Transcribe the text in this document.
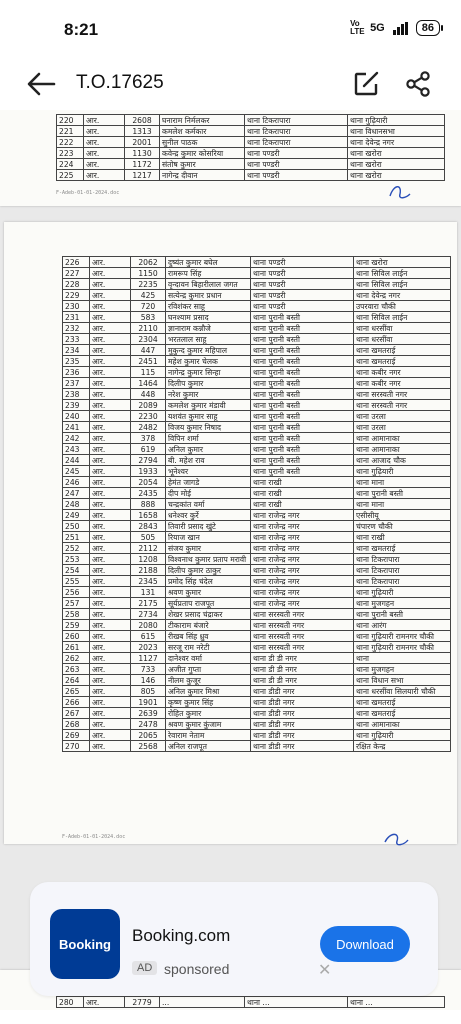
8:21	Vo LTE 5G	86
T.O.17625
220	आर.	2608	घनाराम निर्मलकर	थाना टिकरापारा	थाना गुढ़ियारी
221	आर.	1313	कमलेश कर्मकार	थाना टिकरापारा	थाना विधानसभा
222	आर.	2001	सुनील पाठक	थाना टिकरापारा	थाना देवेन्द्र नगर
223	आर.	1130	कवेन्द्र कुमार कोसरिया	थाना पण्डरी	थाना खरोरा
224	आर.	1172	संतोष कुमार	थाना पण्डरी	थाना खरोरा
225	आर.	1217	नागेन्द्र दीवान	थाना पण्डरी	थाना खरोरा
F-Adeb-01-01-2024.doc
226	आर.	2062	दुष्यंत कुमार बघेल	थाना पण्डरी	थाना खरोरा
227	आर.	1150	रामरूप सिंह	थाना पण्डरी	थाना सिविल लाईन
228	आर.	2235	वृन्दावन बिहारीलाल जगत	थाना पण्डरी	थाना सिविल लाईन
229	आर.	425	सत्येन्द्र कुमार प्रधान	थाना पण्डरी	थाना देवेन्द्र नगर
230	आर.	720	रविशंकर साहू	थाना पण्डरी	उपरवारा चौकी
231	आर.	583	घनश्याम प्रसाद	थाना पुरानी बस्ती	थाना सिविल लाईन
232	आर.	2110	ज्ञानाराम कन्नौजे	थाना पुरानी बस्ती	थाना धरसींवा
233	आर.	2304	भरतलाल साहू	थाना पुरानी बस्ती	थाना धरसींवा
234	आर.	447	मुकुन्द कुमार महिपाल	थाना पुरानी बस्ती	थाना खमतराई
235	आर.	2451	महेश कुमार चेलक	थाना पुरानी बस्ती	थाना खमतराई
236	आर.	115	नागेन्द्र कुमार सिन्हा	थाना पुरानी बस्ती	थाना कबीर नगर
237	आर.	1464	दिलीप कुमार	थाना पुरानी बस्ती	थाना कबीर नगर
238	आर.	448	नरेश कुमार	थाना पुरानी बस्ती	थाना सरस्वती नगर
239	आर.	2089	कमलेश कुमार मंडावी	थाना पुरानी बस्ती	थाना सरस्वती नगर
240	आर.	2230	यशवंत कुमार साहू	थाना पुरानी बस्ती	थाना उरला
241	आर.	2482	विजय कुमार निषाद	थाना पुरानी बस्ती	थाना उरला
242	आर.	378	विपिन शर्मा	थाना पुरानी बस्ती	थाना आमानाका
243	आर.	619	अनिल कुमार	थाना पुरानी बस्ती	थाना आमानाका
244	आर.	2794	बी. महेश राव	थाना पुरानी बस्ती	थाना आजाद चौक
245	आर.	1933	भूनेश्वर	थाना पुरानी बस्ती	थाना गुढ़ियारी
246	आर.	2054	हेमंत जागडे	थाना राखी	थाना माना
247	आर.	2435	दीप मोई	थाना राखी	थाना पुरानी बस्ती
248	आर.	888	चन्द्रकांत वर्मा	थाना राखी	थाना माना
249	आर.	1658	धनेश्वर कुर्रे	थाना राजेन्द्र नगर	एसीसीयू
250	आर.	2843	तिवारी प्रसाद खुंटे	थाना राजेन्द्र नगर	चंपारण चौकी
251	आर.	505	रियाज खान	थाना राजेन्द्र नगर	थाना राखी
252	आर.	2112	संजय कुमार	थाना राजेन्द्र नगर	थाना खमतराई
253	आर.	1208	विश्वनाथ कुमार प्रताप मरावी	थाना राजेन्द्र नगर	थाना टिकरापारा
254	आर.	2188	दिलीप कुमार ठाकुर	थाना राजेन्द्र नगर	थाना टिकरापारा
255	आर.	2345	प्रमोद सिंह चंदेल	थाना राजेन्द्र नगर	थाना टिकरापारा
256	आर.	131	श्रवण कुमार	थाना राजेन्द्र नगर	थाना गुढ़ियारी
257	आर.	2175	सूर्यप्रताप राजपूत	थाना राजेन्द्र नगर	थाना मुजगहन
258	आर.	2734	शेखर प्रसाद चंद्राकर	थाना सरस्वती नगर	थाना पुरानी बस्ती
259	आर.	2080	टीकाराम बंजारे	थाना सरस्वती नगर	थाना आरंग
260	आर.	615	रीखब सिंह ध्रुव	थाना सरस्वती नगर	थाना गुढ़ियारी रामनगर चौकी
261	आर.	2023	सरजू राम नरेटी	थाना सरस्वती नगर	थाना गुढ़ियारी रामनगर चौकी
262	आर.	1127	दानेश्वर वर्मा	थाना डी डी नगर	थाना
263	आर.	733	अजीत गुप्ता	थाना डी डी नगर	थाना मुजगहन
264	आर.	146	नीलम कुजूर	थाना डी डी नगर	थाना विधान सभा
265	आर.	805	अनिल कुमार मिश्रा	थाना डीडी नगर	थाना धरसींवा सिलयारी चौकी
266	आर.	1901	कृष्ण कुमार सिंह	थाना डीडी नगर	थाना खमतराई
267	आर.	2639	रोहित कुमार	थाना डीडी नगर	थाना खमतराई
268	आर.	2478	श्रवण कुमार कुंजाम	थाना डीडी नगर	थाना आमानाका
269	आर.	2065	रेवाराम नेताम	थाना डीडी नगर	थाना गुढ़ियारी
270	आर.	2568	अनिल राजपूत	थाना डीडी नगर	रक्षित केन्द्र
F-Adeb-01-01-2024.doc
280	आर.	2779	...	थाना ...	थाना ...
Booking	Booking.com
AD sponsored	✕
Download
